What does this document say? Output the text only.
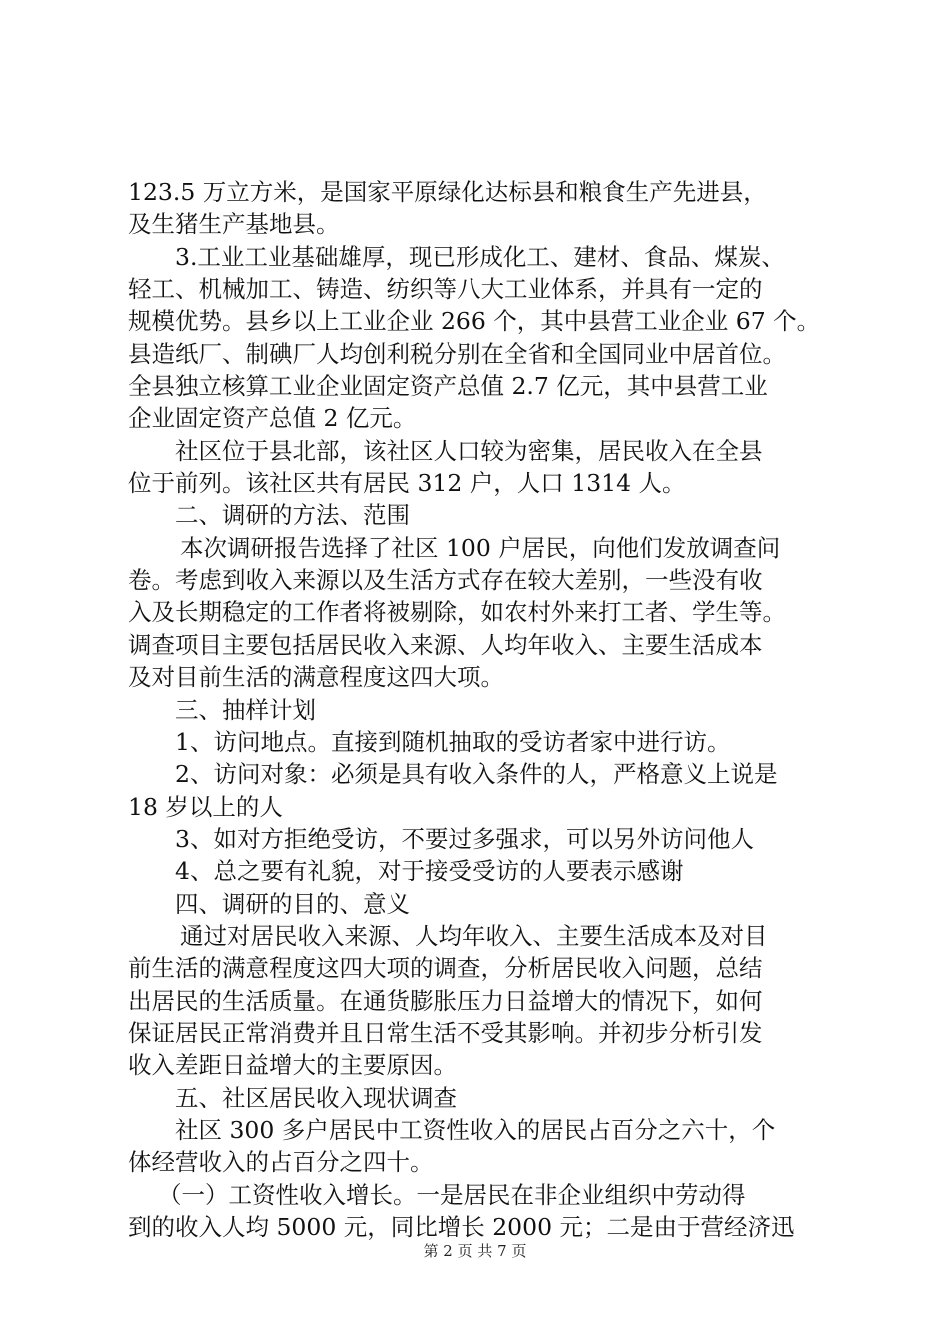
123.5 万立方米，是国家平原绿化达标县和粮食生产先进县，
及生猪生产基地县。
3.工业工业基础雄厚，现已形成化工、建材、食品、煤炭、
轻工、机械加工、铸造、纺织等八大工业体系，并具有一定的
规模优势。县乡以上工业企业 266 个，其中县营工业企业 67 个。
县造纸厂、制碘厂人均创利税分别在全省和全国同业中居首位。
全县独立核算工业企业固定资产总值 2.7 亿元，其中县营工业
企业固定资产总值 2 亿元。
社区位于县北部，该社区人口较为密集，居民收入在全县
位于前列。该社区共有居民 312 户，人口 1314 人。
二、调研的方法、范围
本次调研报告选择了社区 100 户居民，向他们发放调查问
卷。考虑到收入来源以及生活方式存在较大差别，一些没有收
入及长期稳定的工作者将被剔除，如农村外来打工者、学生等。
调查项目主要包括居民收入来源、人均年收入、主要生活成本
及对目前生活的满意程度这四大项。
三、抽样计划
1、访问地点。直接到随机抽取的受访者家中进行访。
2、访问对象：必须是具有收入条件的人，严格意义上说是
18 岁以上的人
3、如对方拒绝受访，不要过多强求，可以另外访问他人
4、总之要有礼貌，对于接受受访的人要表示感谢
四、调研的目的、意义
通过对居民收入来源、人均年收入、主要生活成本及对目
前生活的满意程度这四大项的调查，分析居民收入问题，总结
出居民的生活质量。在通货膨胀压力日益增大的情况下，如何
保证居民正常消费并且日常生活不受其影响。并初步分析引发
收入差距日益增大的主要原因。
五、社区居民收入现状调查
社区 300 多户居民中工资性收入的居民占百分之六十，个
体经营收入的占百分之四十。
（一）工资性收入增长。一是居民在非企业组织中劳动得
到的收入人均 5000 元，同比增长 2000 元；二是由于营经济迅
第 2 页 共 7 页
